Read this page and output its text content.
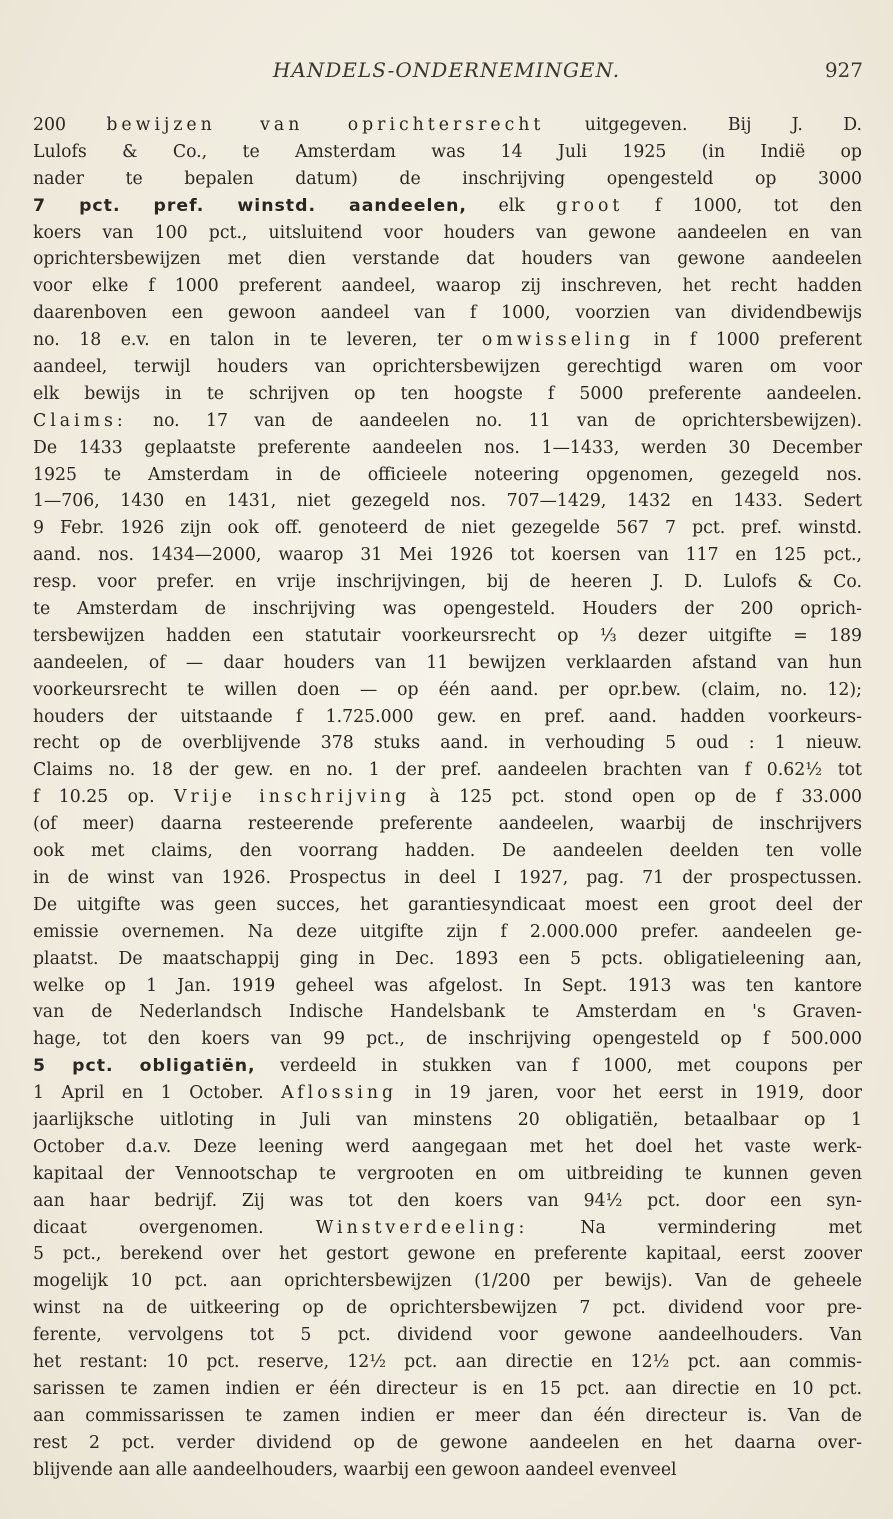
HANDELS-ONDERNEMINGEN.	927
200 bewijzen van oprichtersrecht uitgegeven. Bij J. D.
Lulofs & Co., te Amsterdam was 14 Juli 1925 (in Indië op
nader te bepalen datum) de inschrijving opengesteld op 3000
7 pct. pref. winstd. aandeelen, elk groot f 1000, tot den
koers van 100 pct., uitsluitend voor houders van gewone aandeelen en van
oprichtersbewijzen met dien verstande dat houders van gewone aandeelen
voor elke f 1000 preferent aandeel, waarop zij inschreven, het recht hadden
daarenboven een gewoon aandeel van f 1000, voorzien van dividendbewijs
no. 18 e.v. en talon in te leveren, ter omwisseling in f 1000 preferent
aandeel, terwijl houders van oprichtersbewijzen gerechtigd waren om voor
elk bewijs in te schrijven op ten hoogste f 5000 preferente aandeelen.
Claims: no. 17 van de aandeelen no. 11 van de oprichtersbewijzen).
De 1433 geplaatste preferente aandeelen nos. 1—1433, werden 30 December
1925 te Amsterdam in de officieele noteering opgenomen, gezegeld nos.
1—706, 1430 en 1431, niet gezegeld nos. 707—1429, 1432 en 1433. Sedert
9 Febr. 1926 zijn ook off. genoteerd de niet gezegelde 567 7 pct. pref. winstd.
aand. nos. 1434—2000, waarop 31 Mei 1926 tot koersen van 117 en 125 pct.,
resp. voor prefer. en vrije inschrijvingen, bij de heeren J. D. Lulofs & Co.
te Amsterdam de inschrijving was opengesteld. Houders der 200 oprich-
tersbewijzen hadden een statutair voorkeursrecht op ⅓ dezer uitgifte = 189
aandeelen, of — daar houders van 11 bewijzen verklaarden afstand van hun
voorkeursrecht te willen doen — op één aand. per opr.bew. (claim, no. 12);
houders der uitstaande f 1.725.000 gew. en pref. aand. hadden voorkeurs-
recht op de overblijvende 378 stuks aand. in verhouding 5 oud : 1 nieuw.
Claims no. 18 der gew. en no. 1 der pref. aandeelen brachten van f 0.62½ tot
f 10.25 op. Vrije inschrijving à 125 pct. stond open op de f 33.000
(of meer) daarna resteerende preferente aandeelen, waarbij de inschrijvers
ook met claims, den voorrang hadden. De aandeelen deelden ten volle
in de winst van 1926. Prospectus in deel I 1927, pag. 71 der prospectussen.
De uitgifte was geen succes, het garantiesyndicaat moest een groot deel der
emissie overnemen. Na deze uitgifte zijn f 2.000.000 prefer. aandeelen ge-
plaatst. De maatschappij ging in Dec. 1893 een 5 pcts. obligatieleening aan,
welke op 1 Jan. 1919 geheel was afgelost. In Sept. 1913 was ten kantore
van de Nederlandsch Indische Handelsbank te Amsterdam en 's Graven-
hage, tot den koers van 99 pct., de inschrijving opengesteld op f 500.000
5 pct. obligatiën, verdeeld in stukken van f 1000, met coupons per
1 April en 1 October. Aflossing in 19 jaren, voor het eerst in 1919, door
jaarlijksche uitloting in Juli van minstens 20 obligatiën, betaalbaar op 1
October d.a.v. Deze leening werd aangegaan met het doel het vaste werk-
kapitaal der Vennootschap te vergrooten en om uitbreiding te kunnen geven
aan haar bedrijf. Zij was tot den koers van 94½ pct. door een syn-
dicaat overgenomen. Winstverdeeling: Na vermindering met
5 pct., berekend over het gestort gewone en preferente kapitaal, eerst zoover
mogelijk 10 pct. aan oprichtersbewijzen (1/200 per bewijs). Van de geheele
winst na de uitkeering op de oprichtersbewijzen 7 pct. dividend voor pre-
ferente, vervolgens tot 5 pct. dividend voor gewone aandeelhouders. Van
het restant: 10 pct. reserve, 12½ pct. aan directie en 12½ pct. aan commis-
sarissen te zamen indien er één directeur is en 15 pct. aan directie en 10 pct.
aan commissarissen te zamen indien er meer dan één directeur is. Van de
rest 2 pct. verder dividend op de gewone aandeelen en het daarna over-
blijvende aan alle aandeelhouders, waarbij een gewoon aandeel evenveel
